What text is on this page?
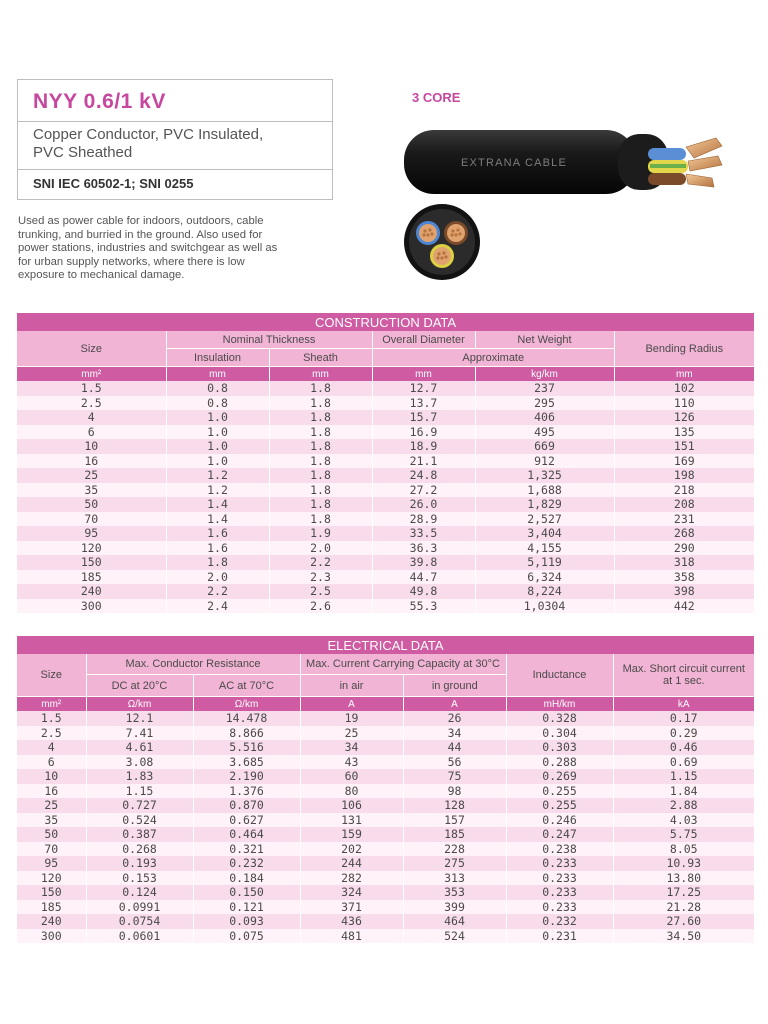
NYY 0.6/1 kV
Copper Conductor, PVC Insulated,
PVC Sheathed
SNI IEC 60502-1; SNI 0255
3 CORE
EXTRANA CABLE
Used as power cable for indoors, outdoors, cable
trunking, and burried in the ground. Also used for
power stations, industries and switchgear as well as
for urban supply networks, where there is low
exposure to mechanical damage.
CONSTRUCTION DATA					
Size	Nominal Thickness		Overall Diameter	Net Weight	Bending Radius
	Insulation	Sheath	Approximate		
mm²	mm	mm	mm	kg/km	mm
1.5	0.8	1.8	12.7	237	102
2.5	0.8	1.8	13.7	295	110
4	1.0	1.8	15.7	406	126
6	1.0	1.8	16.9	495	135
10	1.0	1.8	18.9	669	151
16	1.0	1.8	21.1	912	169
25	1.2	1.8	24.8	1,325	198
35	1.2	1.8	27.2	1,688	218
50	1.4	1.8	26.0	1,829	208
70	1.4	1.8	28.9	2,527	231
95	1.6	1.9	33.5	3,404	268
120	1.6	2.0	36.3	4,155	290
150	1.8	2.2	39.8	5,119	318
185	2.0	2.3	44.7	6,324	358
240	2.2	2.5	49.8	8,224	398
300	2.4	2.6	55.3	1,0304	442
ELECTRICAL DATA						
Size	Max. Conductor Resistance		Max. Current Carrying Capacity at 30°C		Inductance	Max. Short circuit current
at 1 sec.

	DC at 20°C	AC at 70°C	in air	in ground		
mm²	Ω/km	Ω/km	A	A	mH/km	kA
1.5	12.1	14.478	19	26	0.328	0.17
2.5	7.41	8.866	25	34	0.304	0.29
4	4.61	5.516	34	44	0.303	0.46
6	3.08	3.685	43	56	0.288	0.69
10	1.83	2.190	60	75	0.269	1.15
16	1.15	1.376	80	98	0.255	1.84
25	0.727	0.870	106	128	0.255	2.88
35	0.524	0.627	131	157	0.246	4.03
50	0.387	0.464	159	185	0.247	5.75
70	0.268	0.321	202	228	0.238	8.05
95	0.193	0.232	244	275	0.233	10.93
120	0.153	0.184	282	313	0.233	13.80
150	0.124	0.150	324	353	0.233	17.25
185	0.0991	0.121	371	399	0.233	21.28
240	0.0754	0.093	436	464	0.232	27.60
300	0.0601	0.075	481	524	0.231	34.50
